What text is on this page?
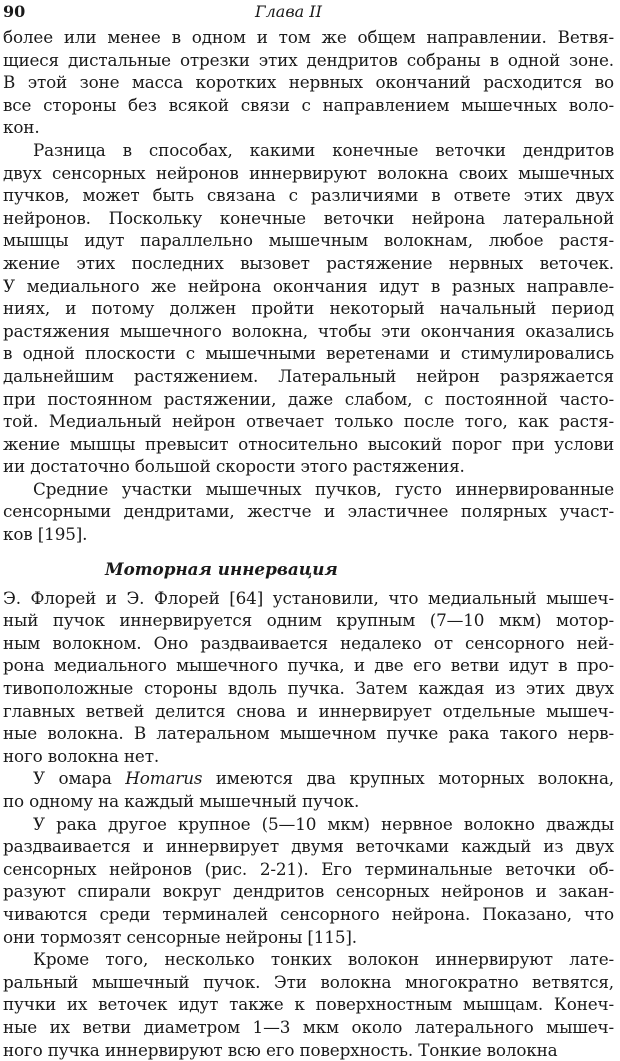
90	Глава II
более или менее в одном и том же общем направлении. Ветвя-
щиеся дистальные отрезки этих дендритов собраны в одной зоне.
В этой зоне масса коротких нервных окончаний расходится во
все стороны без всякой связи с направлением мышечных воло-
кон.
Разница в способах, какими конечные веточки дендритов
двух сенсорных нейронов иннервируют волокна своих мышечных
пучков, может быть связана с различиями в ответе этих двух
нейронов. Поскольку конечные веточки нейрона латеральной
мышцы идут параллельно мышечным волокнам, любое растя-
жение этих последних вызовет растяжение нервных веточек.
У медиального же нейрона окончания идут в разных направле-
ниях, и потому должен пройти некоторый начальный период
растяжения мышечного волокна, чтобы эти окончания оказались
в одной плоскости с мышечными веретенами и стимулировались
дальнейшим растяжением. Латеральный нейрон разряжается
при постоянном растяжении, даже слабом, с постоянной часто-
той. Медиальный нейрон отвечает только после того, как растя-
жение мышцы превысит относительно высокий порог при услови
ии достаточно большой скорости этого растяжения.
Средние участки мышечных пучков, густо иннервированные
сенсорными дендритами, жестче и эластичнее полярных участ-
ков [195].
Моторная иннервация
Э. Флорей и Э. Флорей [64] установили, что медиальный мышеч-
ный пучок иннервируется одним крупным (7—10 мкм) мотор-
ным волокном. Оно раздваивается недалеко от сенсорного ней-
рона медиального мышечного пучка, и две его ветви идут в про-
тивоположные стороны вдоль пучка. Затем каждая из этих двух
главных ветвей делится снова и иннервирует отдельные мышеч-
ные волокна. В латеральном мышечном пучке рака такого нерв-
ного волокна нет.
У омара Homarus имеются два крупных моторных волокна,
по одному на каждый мышечный пучок.
У рака другое крупное (5—10 мкм) нервное волокно дважды
раздваивается и иннервирует двумя веточками каждый из двух
сенсорных нейронов (рис. 2-21). Его терминальные веточки об-
разуют спирали вокруг дендритов сенсорных нейронов и закан-
чиваются среди терминалей сенсорного нейрона. Показано, что
они тормозят сенсорные нейроны [115].
Кроме того, несколько тонких волокон иннервируют лате-
ральный мышечный пучок. Эти волокна многократно ветвятся,
пучки их веточек идут также к поверхностным мышцам. Конеч-
ные их ветви диаметром 1—3 мкм около латерального мышеч-
ного пучка иннервируют всю его поверхность. Тонкие волокна
